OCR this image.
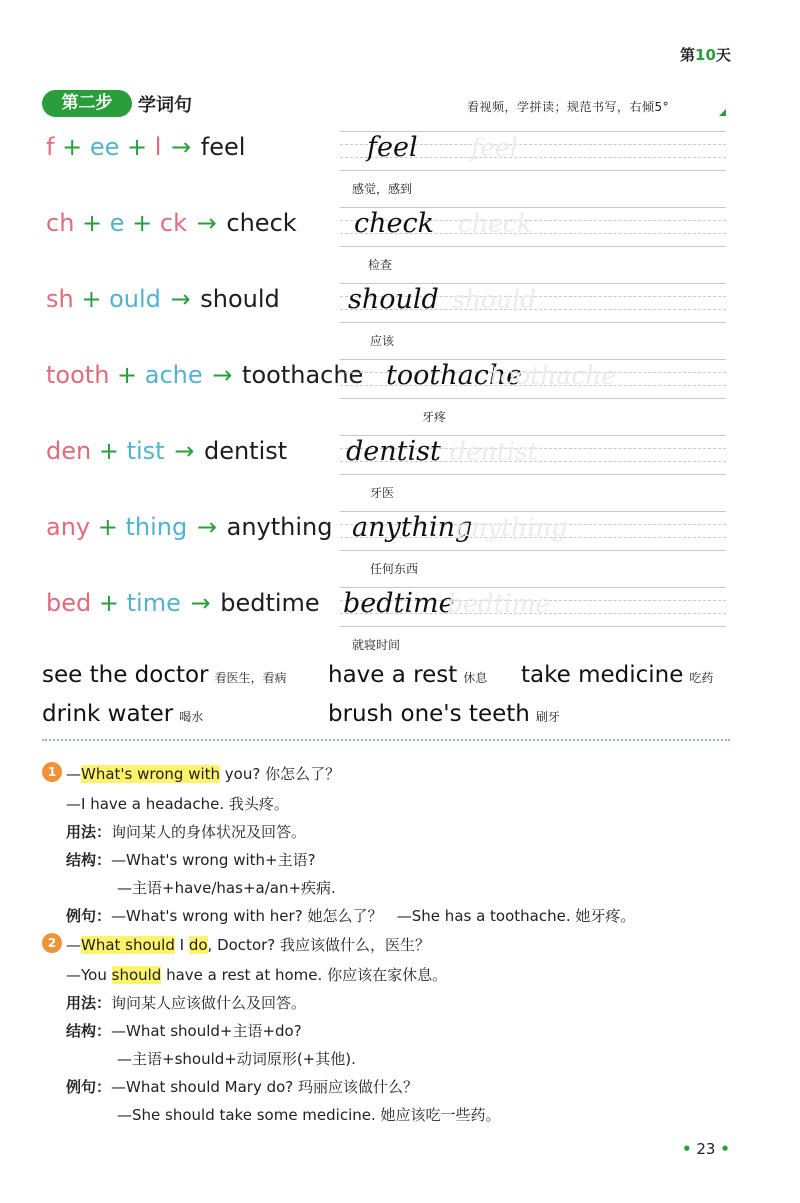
第10天
第二步	学词句	看视频，学拼读；规范书写，右倾5°
f + ee + l → feel	feel feel
感觉，感到
ch + e + ck → check check check
检查
sh + ould → should	should should
应该
tooth + ache → toothache toothache
toothache
牙疼
den + tist → dentist dentist dentist
牙医
any + thing → anything anything
anything
任何东西
bed + time → bedtime bedtime
bedtime
就寝时间
see the doctor 看医生，看病 have a rest 休息 take medicine 吃药
drink water 喝水	brush one's teeth 刷牙
1 —What's wrong with you? 你怎么了？
—I have a headache. 我头疼。
用法：询问某人的身体状况及回答。
结构：—What's wrong with+主语?
—主语+have/has+a/an+疾病.
例句：—What's wrong with her? 她怎么了？ —She has a toothache. 她牙疼。
2 —What should I do, Doctor? 我应该做什么，医生？
—You should have a rest at home. 你应该在家休息。
用法：询问某人应该做什么及回答。
结构：—What should+主语+do?
—主语+should+动词原形(+其他).
例句：—What should Mary do? 玛丽应该做什么？
—She should take some medicine. 她应该吃一些药。
• 23 •
